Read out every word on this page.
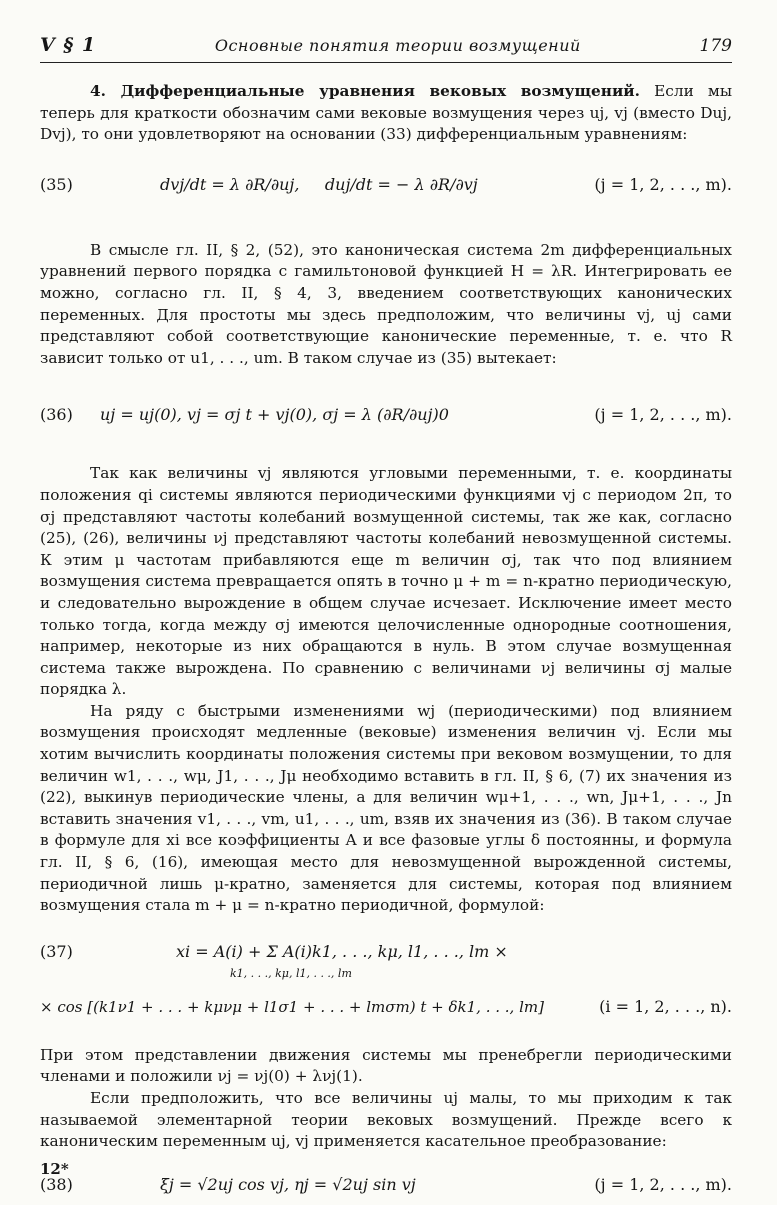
V § 1	Основные понятия теории возмущений	179

4. Дифференциальные уравнения вековых возмущений. Если мы теперь для краткости обозначим сами вековые возмущения через uj, vj (вместо Duj, Dvj), то они удовлетворяют на основании (33) дифференциальным уравнениям:

(35)	dvj/dt = λ ∂R/∂uj, duj/dt = − λ ∂R/∂vj	(j = 1, 2, . . ., m).

В смысле гл. II, § 2, (52), это каноническая система 2m дифференциальных уравнений первого порядка с гамильтоновой функцией H = λR. Интегрировать ее можно, согласно гл. II, § 4, 3, введением соответствующих канонических переменных. Для простоты мы здесь предположим, что величины vj, uj сами представляют собой соответствующие канонические переменные, т. е. что R зависит только от u1, . . ., um. В таком случае из (35) вытекает:

(36)	uj = uj(0), vj = σj t + vj(0), σj = λ (∂R/∂uj)0	(j = 1, 2, . . ., m).

Так как величины vj являются угловыми переменными, т. е. координаты положения qi системы являются периодическими функциями vj с периодом 2π, то σj представляют частоты колебаний возмущенной системы, так же как, согласно (25), (26), величины νj представляют частоты колебаний невозмущенной системы. К этим μ частотам прибавляются еще m величин σj, так что под влиянием возмущения система превращается опять в точно μ + m = n-кратно периодическую, и следовательно вырождение в общем случае исчезает. Исключение имеет место только тогда, когда между σj имеются целочисленные однородные соотношения, например, некоторые из них обращаются в нуль. В этом случае возмущенная система также вырождена. По сравнению с величинами νj величины σj малые порядка λ.

На ряду с быстрыми изменениями wj (периодическими) под влиянием возмущения происходят медленные (вековые) изменения величин vj. Если мы хотим вычислить координаты положения системы при вековом возмущении, то для величин w1, . . ., wμ, J1, . . ., Jμ необходимо вставить в гл. II, § 6, (7) их значения из (22), выкинув периодические члены, а для величин wμ+1, . . ., wn, Jμ+1, . . ., Jn вставить значения v1, . . ., vm, u1, . . ., um, взяв их значения из (36). В таком случае в формуле для xi все коэффициенты A и все фазовые углы δ постоянны, и формула гл. II, § 6, (16), имеющая место для невозмущенной вырожденной системы, периодичной лишь μ-кратно, заменяется для системы, которая под влиянием возмущения стала m + μ = n-кратно периодичной, формулой:

(37)	xi = A(i) + Σ A(i)k1, . . ., kμ, l1, . . ., lm ×
k1, . . ., kμ, l1, . . ., lm
× cos [(k1ν1 + . . . + kμνμ + l1σ1 + . . . + lmσm) t + δk1, . . ., lm]	(i = 1, 2, . . ., n).

При этом представлении движения системы мы пренебрегли периодическими членами и положили νj = νj(0) + λνj(1).

Если предположить, что все величины uj малы, то мы приходим к так называемой элементарной теории вековых возмущений. Прежде всего к каноническим переменным uj, vj применяется касательное преобразование:

(38)	ξj = √2uj cos vj, ηj = √2uj sin vj	(j = 1, 2, . . ., m).
12*
